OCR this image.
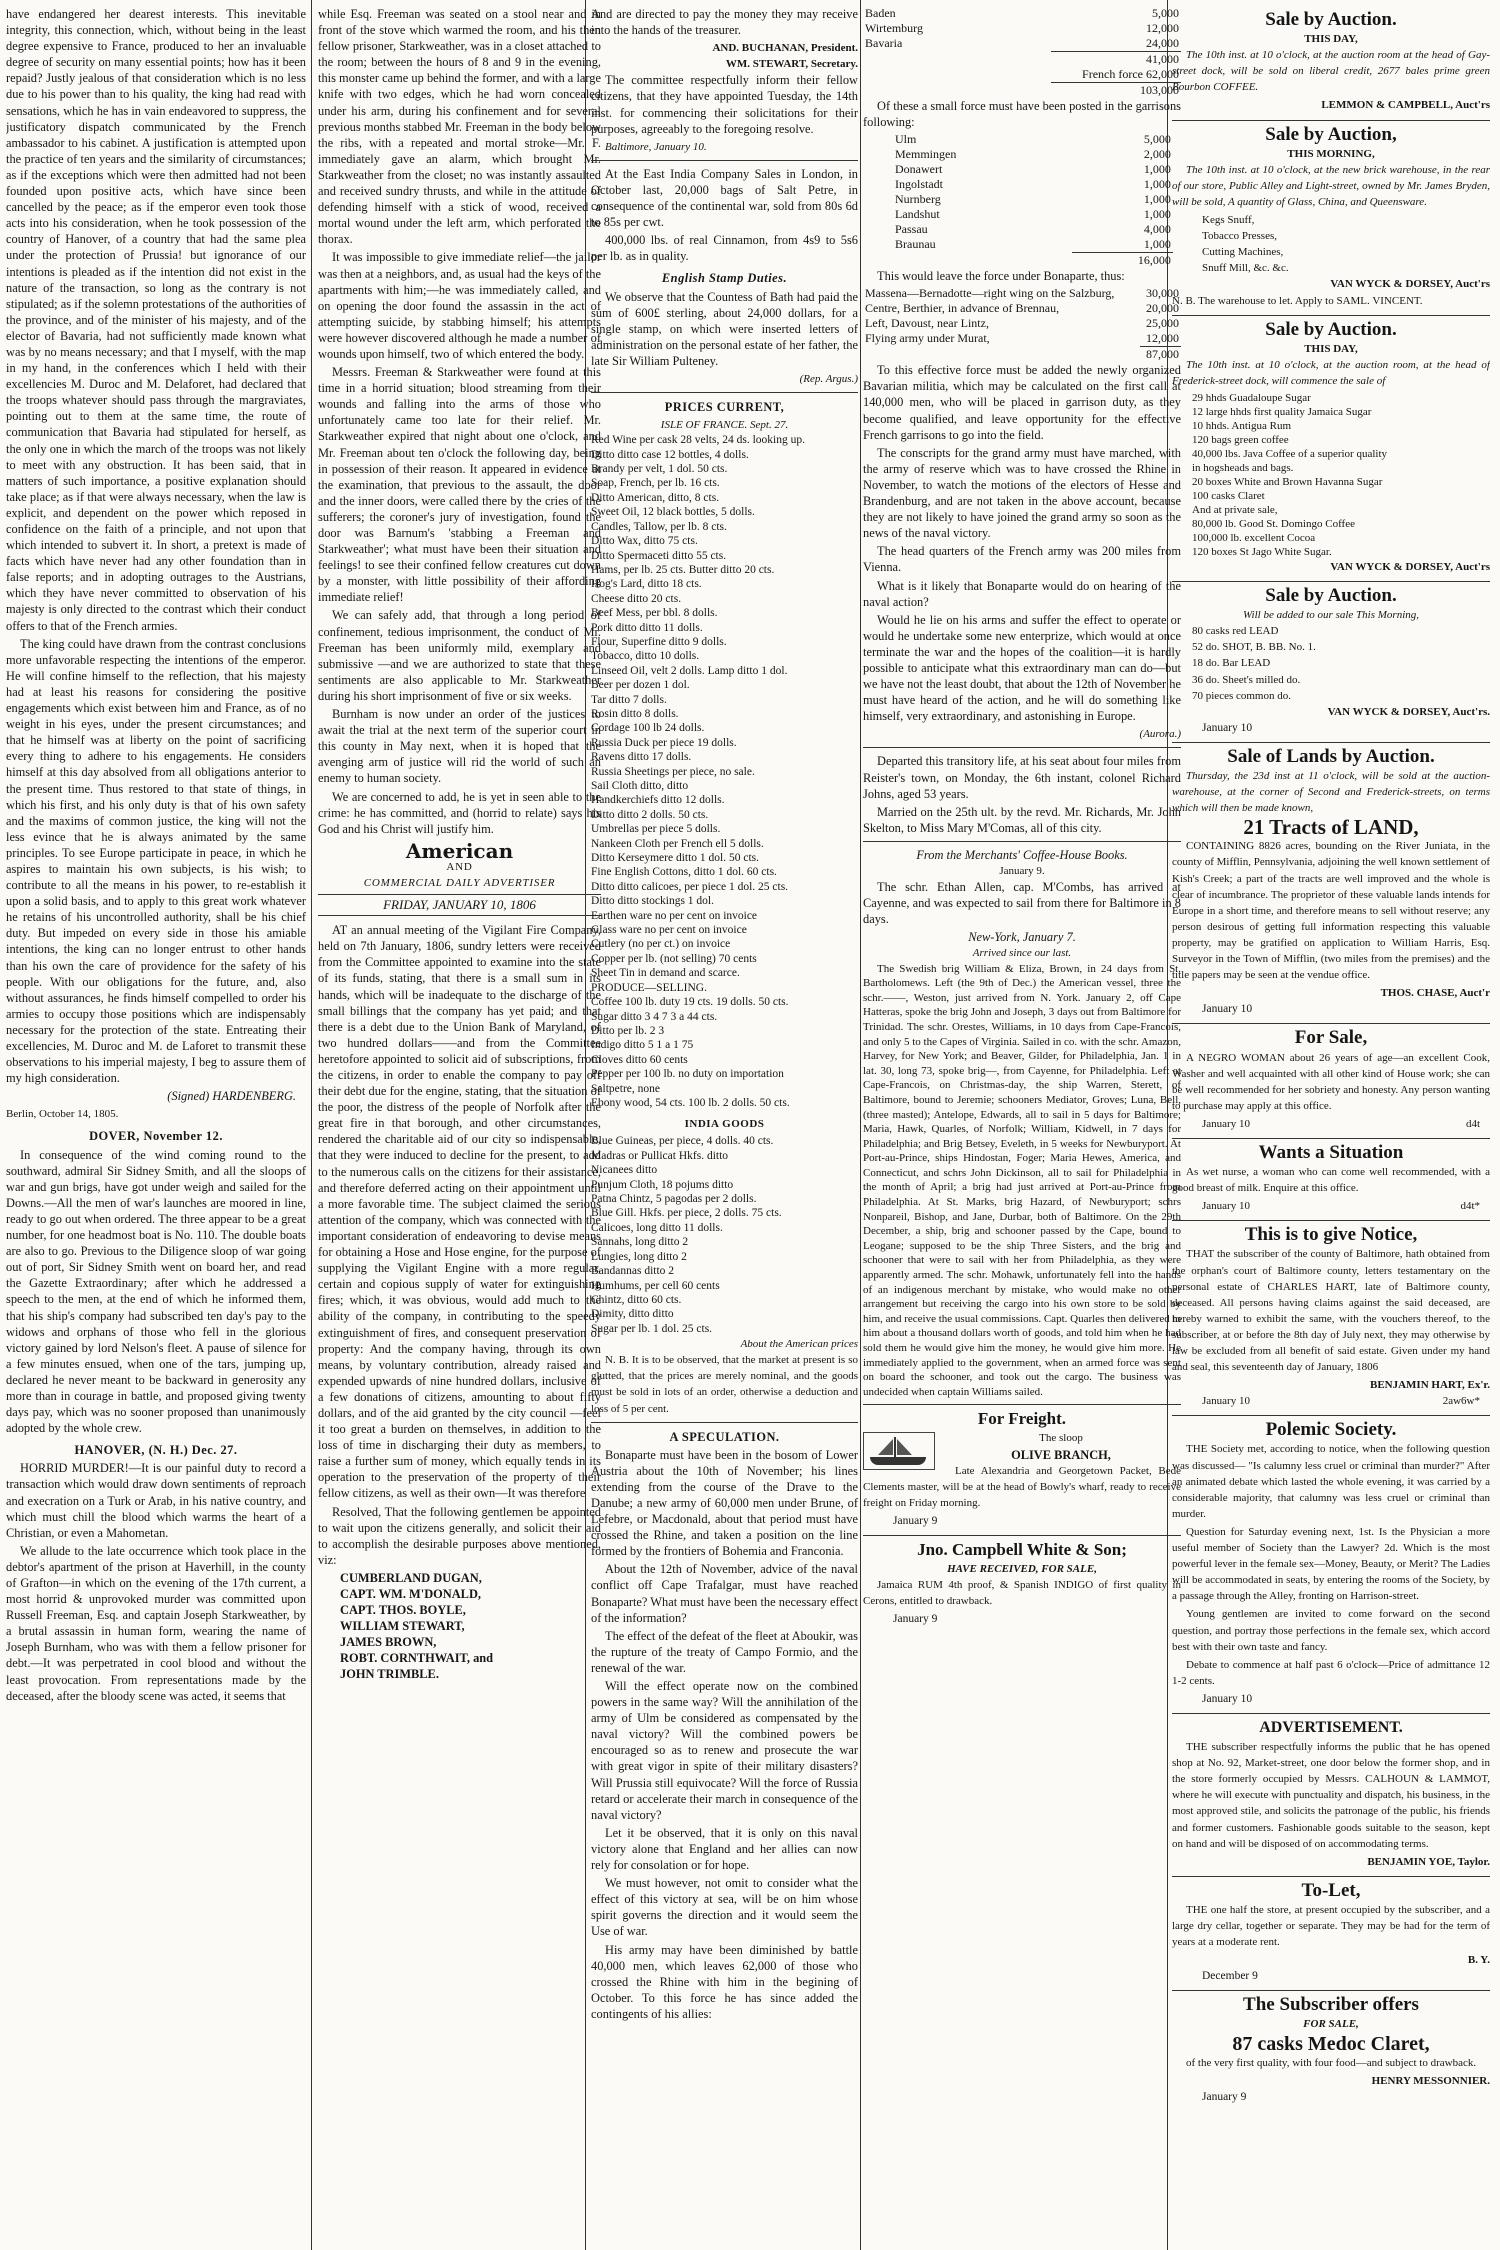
have endangered her dearest interests. This inevitable integrity, this connection, which, without being in the least degree expensive to France, produced to her an invaluable degree of security on many essential points; how has it been repaid? Justly jealous of that consideration which is no less due to his power than to his quality, the king had read with sensations, which he has in vain endeavored to suppress, the justificatory dispatch communicated by the French ambassador to his cabinet. A justification is attempted upon the practice of ten years and the similarity of circumstances; as if the exceptions which were then admitted had not been founded upon positive acts, which have since been cancelled by the peace; as if the emperor even took those acts into his consideration, when he took possession of the country of Hanover, of a country that had the same plea under the protection of Prussia! but ignorance of our intentions is pleaded as if the intention did not exist in the nature of the transaction, so long as the contrary is not stipulated; as if the solemn protestations of the authorities of the province, and of the minister of his majesty, and of the elector of Bavaria, had not sufficiently made known what was by no means necessary; and that I myself, with the map in my hand, in the conferences which I held with their excellencies M. Duroc and M. Delaforet, had declared that the troops whatever should pass through the margraviates, pointing out to them at the same time, the route of communication that Bavaria had stipulated for herself, as the only one in which the march of the troops was not likely to meet with any obstruction. It has been said, that in matters of such importance, a positive explanation should take place; as if that were always necessary, when the law is explicit, and dependent on the power which reposed in confidence on the faith of a principle, and not upon that which intended to subvert it. In short, a pretext is made of facts which have never had any other foundation than in false reports; and in adopting outrages to the Austrians, which they have never committed to observation of his majesty is only directed to the contrast which their conduct offers to that of the French armies.

The king could have drawn from the contrast conclusions more unfavorable respecting the intentions of the emperor. He will confine himself to the reflection, that his majesty had at least his reasons for considering the positive engagements which exist between him and France, as of no weight in his eyes, under the present circumstances; and that he himself was at liberty on the point of sacrificing every thing to adhere to his engagements. He considers himself at this day absolved from all obligations anterior to the present time. Thus restored to that state of things, in which his first, and his only duty is that of his own safety and the maxims of common justice, the king will not the less evince that he is always animated by the same principles. To see Europe participate in peace, in which he aspires to maintain his own subjects, is his wish; to contribute to all the means in his power, to re-establish it upon a solid basis, and to apply to this great work whatever he retains of his uncontrolled authority, shall be his chief duty. But impeded on every side in those his amiable intentions, the king can no longer entrust to other hands than his own the care of providence for the safety of his people. With our obligations for the future, and, also without assurances, he finds himself compelled to order his armies to occupy those positions which are indispensably necessary for the protection of the state. Entreating their excellencies, M. Duroc and M. de Laforet to transmit these observations to his imperial majesty, I beg to assure them of my high consideration.

(Signed) HARDENBERG.

Berlin, October 14, 1805.

DOVER, November 12.

In consequence of the wind coming round to the southward, admiral Sir Sidney Smith, and all the sloops of war and gun brigs, have got under weigh and sailed for the Downs.—All the men of war's launches are moored in line, ready to go out when ordered. The three appear to be a great number, for one headmost boat is No. 110. The double boats are also to go. Previous to the Diligence sloop of war going out of port, Sir Sidney Smith went on board her, and read the Gazette Extraordinary; after which he addressed a speech to the men, at the end of which he informed them, that his ship's company had subscribed ten day's pay to the widows and orphans of those who fell in the glorious victory gained by lord Nelson's fleet. A pause of silence for a few minutes ensued, when one of the tars, jumping up, declared he never meant to be backward in generosity any more than in courage in battle, and proposed giving twenty days pay, which was no sooner proposed than unanimously adopted by the whole crew.

HANOVER, (N. H.) Dec. 27.

HORRID MURDER!—It is our painful duty to record a transaction which would draw down sentiments of reproach and execration on a Turk or Arab, in his native country, and which must chill the blood which warms the heart of a Christian, or even a Mahometan.

We allude to the late occurrence which took place in the debtor's apartment of the prison at Haverhill, in the county of Grafton—in which on the evening of the 17th current, a most horrid & unprovoked murder was committed upon Russell Freeman, Esq. and captain Joseph Starkweather, by a brutal assassin in human form, wearing the name of Joseph Burnham, who was with them a fellow prisoner for debt.—It was perpetrated in cool blood and without the least provocation. From representations made by the deceased, after the bloody scene was acted, it seems that

while Esq. Freeman was seated on a stool near and in front of the stove which warmed the room, and his then fellow prisoner, Starkweather, was in a closet attached to the room; between the hours of 8 and 9 in the evening, this monster came up behind the former, and with a large knife with two edges, which he had worn concealed under his arm, during his confinement and for several previous months stabbed Mr. Freeman in the body below the ribs, with a repeated and mortal stroke—Mr. F. immediately gave an alarm, which brought Mr. Starkweather from the closet; no was instantly assaulted and received sundry thrusts, and while in the attitude of defending himself with a stick of wood, received a mortal wound under the left arm, which perforated the thorax.

It was impossible to give immediate relief—the jailor was then at a neighbors, and, as usual had the keys of the apartments with him;—he was immediately called, and on opening the door found the assassin in the act of attempting suicide, by stabbing himself; his attempts were however discovered although he made a number of wounds upon himself, two of which entered the body.

Messrs. Freeman & Starkweather were found at this time in a horrid situation; blood streaming from their wounds and falling into the arms of those who unfortunately came too late for their relief. Mr. Starkweather expired that night about one o'clock, and Mr. Freeman about ten o'clock the following day, being in possession of their reason. It appeared in evidence at the examination, that previous to the assault, the door and the inner doors, were called there by the cries of the sufferers; the coroner's jury of investigation, found the door was Barnum's 'stabbing a Freeman and Starkweather'; what must have been their situation and feelings! to see their confined fellow creatures cut down by a monster, with little possibility of their affording immediate relief!

We can safely add, that through a long period of confinement, tedious imprisonment, the conduct of Mr. Freeman has been uniformly mild, exemplary and submissive —and we are authorized to state that these sentiments are also applicable to Mr. Starkweather during his short imprisonment of five or six weeks.

Burnham is now under an order of the justices to await the trial at the next term of the superior court in this county in May next, when it is hoped that the avenging arm of justice will rid the world of such an enemy to human society.

We are concerned to add, he is yet in seen able to the crime: he has committed, and (horrid to relate) says his God and his Christ will justify him.

American
AND
COMMERCIAL DAILY ADVERTISER
FRIDAY, JANUARY 10, 1806

AT an annual meeting of the Vigilant Fire Company, held on 7th January, 1806, sundry letters were received from the Committee appointed to examine into the state of its funds, stating, that there is a small sum in its hands, which will be inadequate to the discharge of the small billings that the company has yet paid; and that there is a debt due to the Union Bank of Maryland, of two hundred dollars——and from the Committee heretofore appointed to solicit aid of subscriptions, from the citizens, in order to enable the company to pay off their debt due for the engine, stating, that the situation of the poor, the distress of the people of Norfolk after the great fire in that borough, and other circumstances, rendered the charitable aid of our city so indispensable, that they were induced to decline for the present, to add to the numerous calls on the citizens for their assistance, and therefore deferred acting on their appointment until a more favorable time. The subject claimed the serious attention of the company, which was connected with the important consideration of endeavoring to devise means for obtaining a Hose and Hose engine, for the purpose of supplying the Vigilant Engine with a more regular, certain and copious supply of water for extinguishing fires; which, it was obvious, would add much to the ability of the company, in contributing to the speedy extinguishment of fires, and consequent preservation of property: And the company having, through its own means, by voluntary contribution, already raised and expended upwards of nine hundred dollars, inclusive of a few donations of citizens, amounting to about fifty dollars, and of the aid granted by the city council —feel it too great a burden on themselves, in addition to the loss of time in discharging their duty as members, to raise a further sum of money, which equally tends in its operation to the preservation of the property of their fellow citizens, as well as their own—It was therefore

Resolved, That the following gentlemen be appointed to wait upon the citizens generally, and solicit their aid to accomplish the desirable purposes above mentioned, viz:

CUMBERLAND DUGAN,
CAPT. WM. M'DONALD,
CAPT. THOS. BOYLE,
WILLIAM STEWART,
JAMES BROWN,
ROBT. CORNTHWAIT, and
JOHN TRIMBLE.

And are directed to pay the money they may receive into the hands of the treasurer.

AND. BUCHANAN, President.
WM. STEWART, Secretary.

The committee respectfully inform their fellow citizens, that they have appointed Tuesday, the 14th inst. for commencing their solicitations for their purposes, agreeably to the foregoing resolve.

Baltimore, January 10.

At the East India Company Sales in London, in October last, 20,000 bags of Salt Petre, in consequence of the continental war, sold from 80s 6d to 85s per cwt.

400,000 lbs. of real Cinnamon, from 4s9 to 5s6 per lb. as in quality.

English Stamp Duties.

We observe that the Countess of Bath had paid the sum of 600£ sterling, about 24,000 dollars, for a single stamp, on which were inserted letters of administration on the personal estate of her father, the late Sir William Pulteney.

(Rep. Argus.)
PRICES CURRENT,
ISLE OF FRANCE. Sept. 27.
Red Wine per cask 28 velts, 24 ds. looking up.
Ditto ditto case 12 bottles, 4 dolls.
Brandy per velt, 1 dol. 50 cts.
Soap, French, per lb. 16 cts.
Ditto American, ditto, 8 cts.
Sweet Oil, 12 black bottles, 5 dolls.
Candles, Tallow, per lb. 8 cts.
Ditto Wax, ditto 75 cts.
Ditto Spermaceti ditto 55 cts.
Hams, per lb. 25 cts. Butter ditto 20 cts.
Hog's Lard, ditto 18 cts.
Cheese ditto 20 cts.
Beef Mess, per bbl. 8 dolls.
Pork ditto ditto 11 dolls.
Flour, Superfine ditto 9 dolls.
Tobacco, ditto 10 dolls.
Linseed Oil, velt 2 dolls. Lamp ditto 1 dol.
Beer per dozen 1 dol.
Tar ditto 7 dolls.
Rosin ditto 8 dolls.
Cordage 100 lb 24 dolls.
Russia Duck per piece 19 dolls.
Ravens ditto 17 dolls.
Russia Sheetings per piece, no sale.
Sail Cloth ditto, ditto
Handkerchiefs ditto 12 dolls.
Ditto ditto 2 dolls. 50 cts.
Umbrellas per piece 5 dolls.
Nankeen Cloth per French ell 5 dolls.
Ditto Kerseymere ditto 1 dol. 50 cts.
Fine English Cottons, ditto 1 dol. 60 cts.
Ditto ditto calicoes, per piece 1 dol. 25 cts.
Ditto ditto stockings 1 dol.
Earthen ware no per cent on invoice
Glass ware no per cent on invoice
Cutlery (no per ct.) on invoice
Copper per lb. (not selling) 70 cents
Sheet Tin in demand and scarce.
PRODUCE—SELLING.
Coffee 100 lb. duty 19 cts. 19 dolls. 50 cts.
Sugar ditto 3 4 7 3 a 44 cts.
Ditto per lb. 2 3
Indigo ditto 5 1 a 1 75
Cloves ditto 60 cents
Pepper per 100 lb. no duty on importation
Saltpetre, none
Ebony wood, 54 cts. 100 lb. 2 dolls. 50 cts.
INDIA GOODS
Blue Guineas, per piece, 4 dolls. 40 cts.
Madras or Pullicat Hkfs. ditto
Nicanees ditto
Punjum Cloth, 18 pojums ditto
Patna Chintz, 5 pagodas per 2 dolls.
Blue Gill. Hkfs. per piece, 2 dolls. 75 cts.
Calicoes, long ditto 11 dolls.
Sannahs, long ditto 2
Lungies, long ditto 2
Bandannas ditto 2
Humhums, per cell 60 cents
Chintz, ditto 60 cts.
Dimity, ditto ditto
Sugar per lb. 1 dol. 25 cts.
About the American prices

N. B. It is to be observed, that the market at present is so glutted, that the prices are merely nominal, and the goods must be sold in lots of an order, otherwise a deduction and loss of 5 per cent.

A SPECULATION.

Bonaparte must have been in the bosom of Lower Austria about the 10th of November; his lines extending from the course of the Drave to the Danube; a new army of 60,000 men under Brune, of Lefebre, or Macdonald, about that period must have crossed the Rhine, and taken a position on the line formed by the frontiers of Bohemia and Franconia.

About the 12th of November, advice of the naval conflict off Cape Trafalgar, must have reached Bonaparte? What must have been the necessary effect of the information?

The effect of the defeat of the fleet at Aboukir, was the rupture of the treaty of Campo Formio, and the renewal of the war.

Will the effect operate now on the combined powers in the same way? Will the annihilation of the army of Ulm be considered as compensated by the naval victory? Will the combined powers be encouraged so as to renew and prosecute the war with great vigor in spite of their military disasters? Will Prussia still equivocate? Will the force of Russia retard or accelerate their march in consequence of the naval victory?

Let it be observed, that it is only on this naval victory alone that England and her allies can now rely for consolation or for hope.

We must however, not omit to consider what the effect of this victory at sea, will be on him whose spirit governs the direction and it would seem the Use of war.

His army may have been diminished by battle 40,000 men, which leaves 62,000 of those who crossed the Rhine with him in the begining of October. To this force he has since added the contingents of his allies:

Baden	5,000
Wirtemburg	12,000
Bavaria	24,000
	41,000
French force 62,000	
	103,000

Of these a small force must have been posted in the garrisons following:

Ulm	5,000
Memmingen	2,000
Donawert	1,000
Ingolstadt	1,000
Nurnberg	1,000
Landshut	1,000
Passau	4,000
Braunau	1,000
	16,000

This would leave the force under Bonaparte, thus:

Massena—Bernadotte—right wing on the Salzburg,	30,000
Centre, Berthier, in advance of Brennau,	20,000
Left, Davoust, near Lintz,	25,000
Flying army under Murat,	12,000
	87,000

To this effective force must be added the newly organized Bavarian militia, which may be calculated on the first call at 140,000 men, who will be placed in garrison duty, as they become qualified, and leave opportunity for the effective French garrisons to go into the field.

The conscripts for the grand army must have marched, with the army of reserve which was to have crossed the Rhine in November, to watch the motions of the electors of Hesse and Brandenburg, and are not taken in the above account, because they are not likely to have joined the grand army so soon as the news of the naval victory.

The head quarters of the French army was 200 miles from Vienna.

What is it likely that Bonaparte would do on hearing of the naval action?

Would he lie on his arms and suffer the effect to operate or would he undertake some new enterprize, which would at once terminate the war and the hopes of the coalition—it is hardly possible to anticipate what this extraordinary man can do—but we have not the least doubt, that about the 12th of November he must have heard of the action, and he will do something like himself, very extraordinary, and astonishing in Europe.

(Aurora.)

Departed this transitory life, at his seat about four miles from Reister's town, on Monday, the 6th instant, colonel Richard Johns, aged 53 years.

Married on the 25th ult. by the revd. Mr. Richards, Mr. John Skelton, to Miss Mary M'Comas, all of this city.

From the Merchants' Coffee-House Books.
January 9.

The schr. Ethan Allen, cap. M'Combs, has arrived at Cayenne, and was expected to sail from there for Baltimore in 8 days.

New-York, January 7.
Arrived since our last.

The Swedish brig William & Eliza, Brown, in 24 days from St. Bartholomews. Left (the 9th of Dec.) the American vessel, three the schr.——, Weston, just arrived from N. York. January 2, off Cape Hatteras, spoke the brig John and Joseph, 3 days out from Baltimore for Trinidad. The schr. Orestes, Williams, in 10 days from Cape-Francois, and only 5 to the Capes of Virginia. Sailed in co. with the schr. Amazon, Harvey, for New York; and Beaver, Gilder, for Philadelphia, Jan. 1 in lat. 30, long 73, spoke brig—, from Cayenne, for Philadelphia. Left at Cape-Francois, on Christmas-day, the ship Warren, Sterett, of Baltimore, bound to Jeremie; schooners Mediator, Groves; Luna, Bell, (three masted); Antelope, Edwards, all to sail in 5 days for Baltimore; Maria, Hawk, Quarles, of Norfolk; William, Kidwell, in 7 days for Philadelphia; and Brig Betsey, Eveleth, in 5 weeks for Newburyport. At Port-au-Prince, ships Hindostan, Foger; Maria Hewes, America, and Connecticut, and schrs John Dickinson, all to sail for Philadelphia in the month of April; a brig had just arrived at Port-au-Prince from Philadelphia. At St. Marks, brig Hazard, of Newburyport; schrs Nonpareil, Bishop, and Jane, Durbar, both of Baltimore. On the 29th December, a ship, brig and schooner passed by the Cape, bound to Leogane; supposed to be the ship Three Sisters, and the brig and schooner that were to sail with her from Philadelphia, as they were apparently armed. The schr. Mohawk, unfortunately fell into the hands of an indigenous merchant by mistake, who would make no other arrangement but receiving the cargo into his own store to be sold by him, and receive the usual commissions. Capt. Quarles then delivered to him about a thousand dollars worth of goods, and told him when he had sold them he would give him the money, he would give him more. He immediately applied to the government, when an armed force was sent on board the schooner, and took out the cargo. The business was undecided when captain Williams sailed.

For Freight.
The sloop
OLIVE BRANCH,

Late Alexandria and Georgetown Packet, Bede Clements master, will be at the head of Bowly's wharf, ready to receive freight on Friday morning.

January 9
Jno. Campbell White & Son;
HAVE RECEIVED, FOR SALE,

Jamaica RUM 4th proof, & Spanish INDIGO of first quality in Cerons, entitled to drawback.

January 9
Sale by Auction.
THIS DAY,

The 10th inst. at 10 o'clock, at the auction room at the head of Gay-street dock, will be sold on liberal credit, 2677 bales prime green Bourbon COFFEE.

LEMMON & CAMPBELL, Auct'rs
Sale by Auction,
THIS MORNING,

The 10th inst. at 10 o'clock, at the new brick warehouse, in the rear of our store, Public Alley and Light-street, owned by Mr. James Bryden, will be sold, A quantity of Glass, China, and Queensware.

Kegs Snuff,
Tobacco Presses,
Cutting Machines,
Snuff Mill, &c. &c.
VAN WYCK & DORSEY, Auct'rs
N. B. The warehouse to let. Apply to SAML. VINCENT.
Sale by Auction.
THIS DAY,

The 10th inst. at 10 o'clock, at the auction room, at the head of Frederick-street dock, will commence the sale of

29 hhds Guadaloupe Sugar
12 large hhds first quality Jamaica Sugar
10 hhds. Antigua Rum
120 bags green coffee
40,000 lbs. Java Coffee of a superior quality
in hogsheads and bags.
20 boxes White and Brown Havanna Sugar
100 casks Claret
And at private sale,
80,000 lb. Good St. Domingo Coffee
100,000 lb. excellent Cocoa
120 boxes St Jago White Sugar.
VAN WYCK & DORSEY, Auct'rs
Sale by Auction.
Will be added to our sale This Morning,
80 casks red LEAD
52 do. SHOT, B. BB. No. 1.
18 do. Bar LEAD
36 do. Sheet's milled do.
70 pieces common do.
VAN WYCK & DORSEY, Auct'rs.
January 10
Sale of Lands by Auction.

Thursday, the 23d inst at 11 o'clock, will be sold at the auction-warehouse, at the corner of Second and Frederick-streets, on terms which will then be made known,

21 Tracts of LAND,

CONTAINING 8826 acres, bounding on the River Juniata, in the county of Mifflin, Pennsylvania, adjoining the well known settlement of Kish's Creek; a part of the tracts are well improved and the whole is clear of incumbrance. The proprietor of these valuable lands intends for Europe in a short time, and therefore means to sell without reserve; any person desirous of getting full information respecting this valuable property, may be gratified on application to William Harris, Esq. Surveyor in the Town of Mifflin, (two miles from the premises) and the title papers may be seen at the vendue office.

THOS. CHASE, Auct'r
January 10
For Sale,

A NEGRO WOMAN about 26 years of age—an excellent Cook, Washer and well acquainted with all other kind of House work; she can be well recommended for her sobriety and honesty. Any person wanting to purchase may apply at this office.

January 10	d4t
Wants a Situation

As wet nurse, a woman who can come well recommended, with a good breast of milk. Enquire at this office.

January 10	d4t*
This is to give Notice,

THAT the subscriber of the county of Baltimore, hath obtained from the orphan's court of Baltimore county, letters testamentary on the personal estate of CHARLES HART, late of Baltimore county, deceased. All persons having claims against the said deceased, are hereby warned to exhibit the same, with the vouchers thereof, to the subscriber, at or before the 8th day of July next, they may otherwise by law be excluded from all benefit of said estate. Given under my hand and seal, this seventeenth day of January, 1806

BENJAMIN HART, Ex'r.
January 10	2aw6w*
Polemic Society.

THE Society met, according to notice, when the following question was discussed— "Is calumny less cruel or criminal than murder?" After an animated debate which lasted the whole evening, it was carried by a considerable majority, that calumny was less cruel or criminal than murder.

Question for Saturday evening next, 1st. Is the Physician a more useful member of Society than the Lawyer? 2d. Which is the most powerful lever in the female sex—Money, Beauty, or Merit? The Ladies will be accommodated in seats, by entering the rooms of the Society, by a passage through the Alley, fronting on Harrison-street.

Young gentlemen are invited to come forward on the second question, and portray those perfections in the female sex, which accord best with their own taste and fancy.

Debate to commence at half past 6 o'clock—Price of admittance 12 1-2 cents.

January 10
ADVERTISEMENT.

THE subscriber respectfully informs the public that he has opened shop at No. 92, Market-street, one door below the former shop, and in the store formerly occupied by Messrs. CALHOUN & LAMMOT, where he will execute with punctuality and dispatch, his business, in the most approved stile, and solicits the patronage of the public, his friends and former customers. Fashionable goods suitable to the season, kept on hand and will be disposed of on accommodating terms.

BENJAMIN YOE, Taylor.
To-Let,

THE one half the store, at present occupied by the subscriber, and a large dry cellar, together or separate. They may be had for the term of years at a moderate rent.

B. Y.
December 9
The Subscriber offers
FOR SALE,
87 casks Medoc Claret,

of the very first quality, with four food—and subject to drawback.

HENRY MESSONNIER.
January 9
